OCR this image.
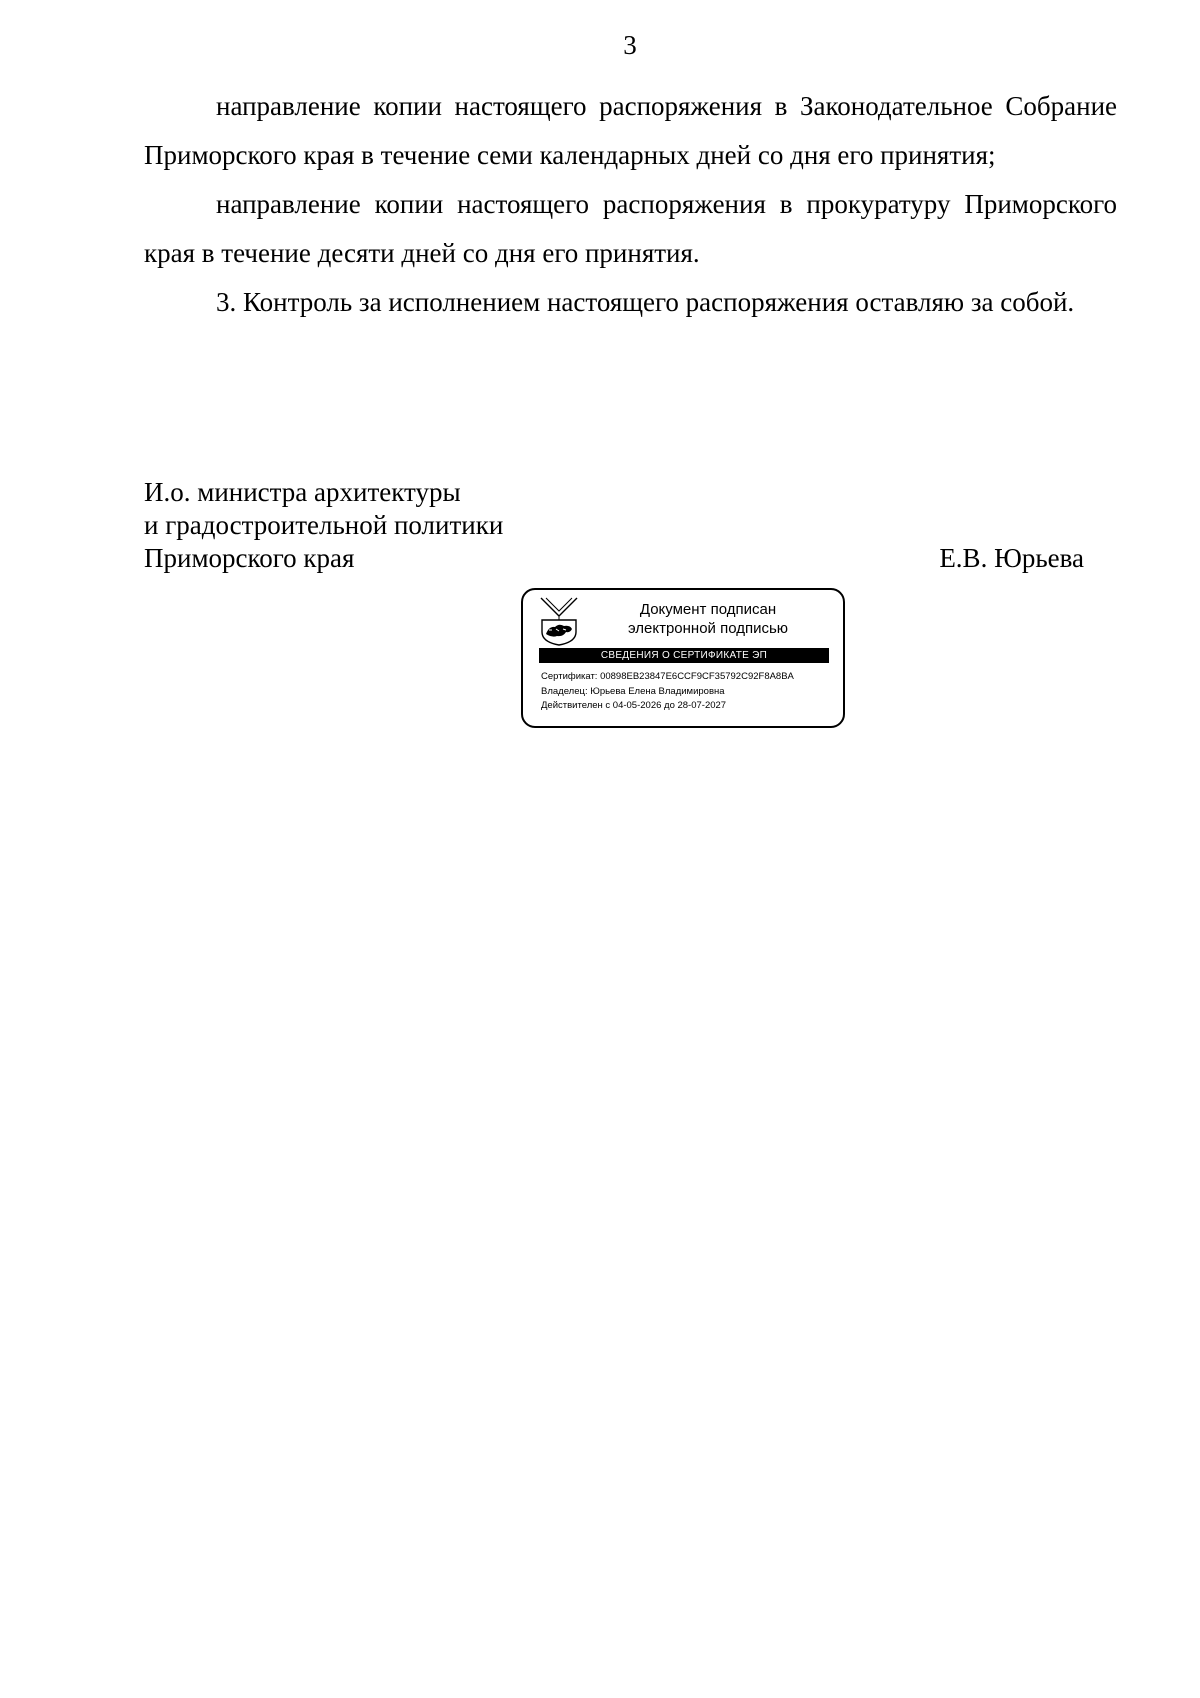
3

направление копии настоящего распоряжения в Законодательное Собрание Приморского края в течение семи календарных дней со дня его принятия;

направление копии настоящего распоряжения в прокуратуру Приморского края в течение десяти дней со дня его принятия.

3. Контроль за исполнением настоящего распоряжения оставляю за собой.

И.о. министра архитектуры
и градостроительной политики
Приморского края	Е.В. Юрьева
Документ подписан
электронной подписью
СВЕДЕНИЯ О СЕРТИФИКАТЕ ЭП
Сертификат: 00898EB23847E6CCF9CF35792C92F8A8BA
Владелец: Юрьева Елена Владимировна
Действителен с 04-05-2026 до 28-07-2027
